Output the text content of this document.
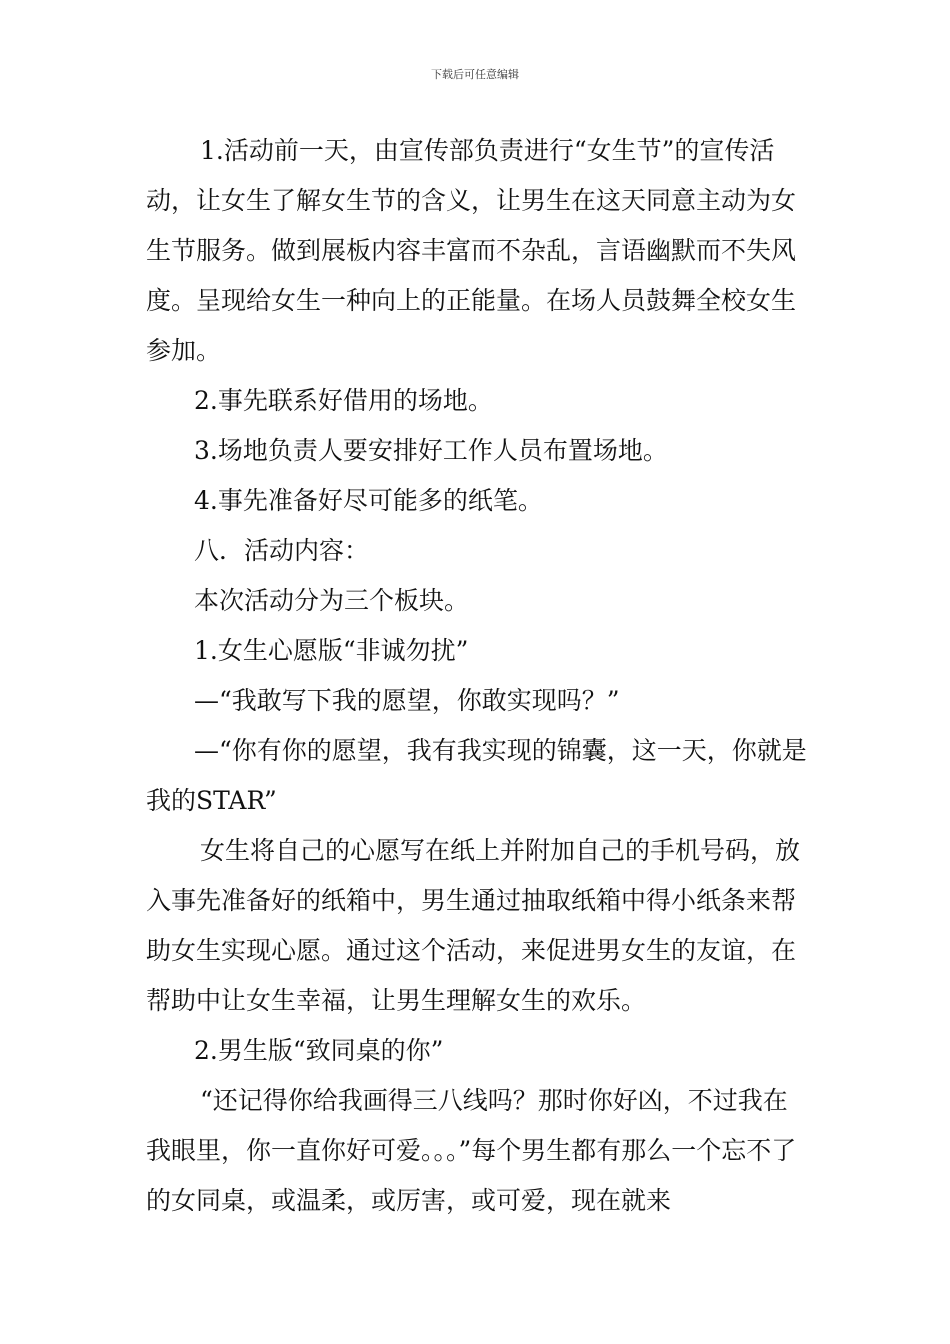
下载后可任意编辑

1.活动前一天，由宣传部负责进行“女生节”的宣传活动，让女生了解女生节的含义，让男生在这天同意主动为女生节服务。做到展板内容丰富而不杂乱，言语幽默而不失风度。呈现给女生一种向上的正能量。在场人员鼓舞全校女生参加。

2.事先联系好借用的场地。

3.场地负责人要安排好工作人员布置场地。

4.事先准备好尽可能多的纸笔。

八．活动内容：

本次活动分为三个板块。

1.女生心愿版“非诚勿扰”

—“我敢写下我的愿望，你敢实现吗？”

—“你有你的愿望，我有我实现的锦囊，这一天，你就是我的STAR”

女生将自己的心愿写在纸上并附加自己的手机号码，放入事先准备好的纸箱中，男生通过抽取纸箱中得小纸条来帮助女生实现心愿。通过这个活动，来促进男女生的友谊，在帮助中让女生幸福，让男生理解女生的欢乐。

2.男生版“致同桌的你”

“还记得你给我画得三八线吗？那时你好凶，不过我在我眼里，你一直你好可爱。。。”每个男生都有那么一个忘不了的女同桌，或温柔，或厉害，或可爱，现在就来
